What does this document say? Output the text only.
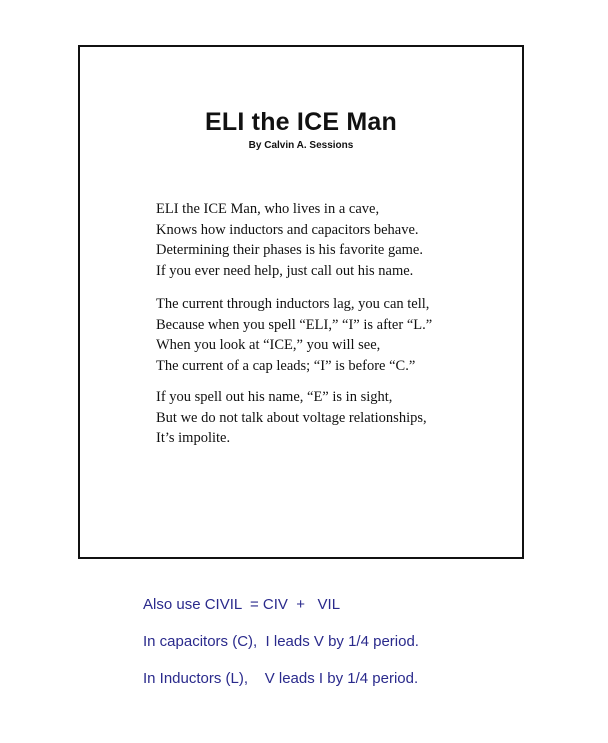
ELI the ICE Man
By Calvin A. Sessions
ELI the ICE Man, who lives in a cave,
Knows how inductors and capacitors behave.
Determining their phases is his favorite game.
If you ever need help, just call out his name.
The current through inductors lag, you can tell,
Because when you spell “ELI,” “I” is after “L.”
When you look at “ICE,” you will see,
The current of a cap leads; “I” is before “C.”
If you spell out his name, “E” is in sight,
But we do not talk about voltage relationships,
It’s impolite.
Also use CIVIL  = CIV  +   VIL
In capacitors (C),  I leads V by 1/4 period.
In Inductors (L),    V leads I by 1/4 period.
